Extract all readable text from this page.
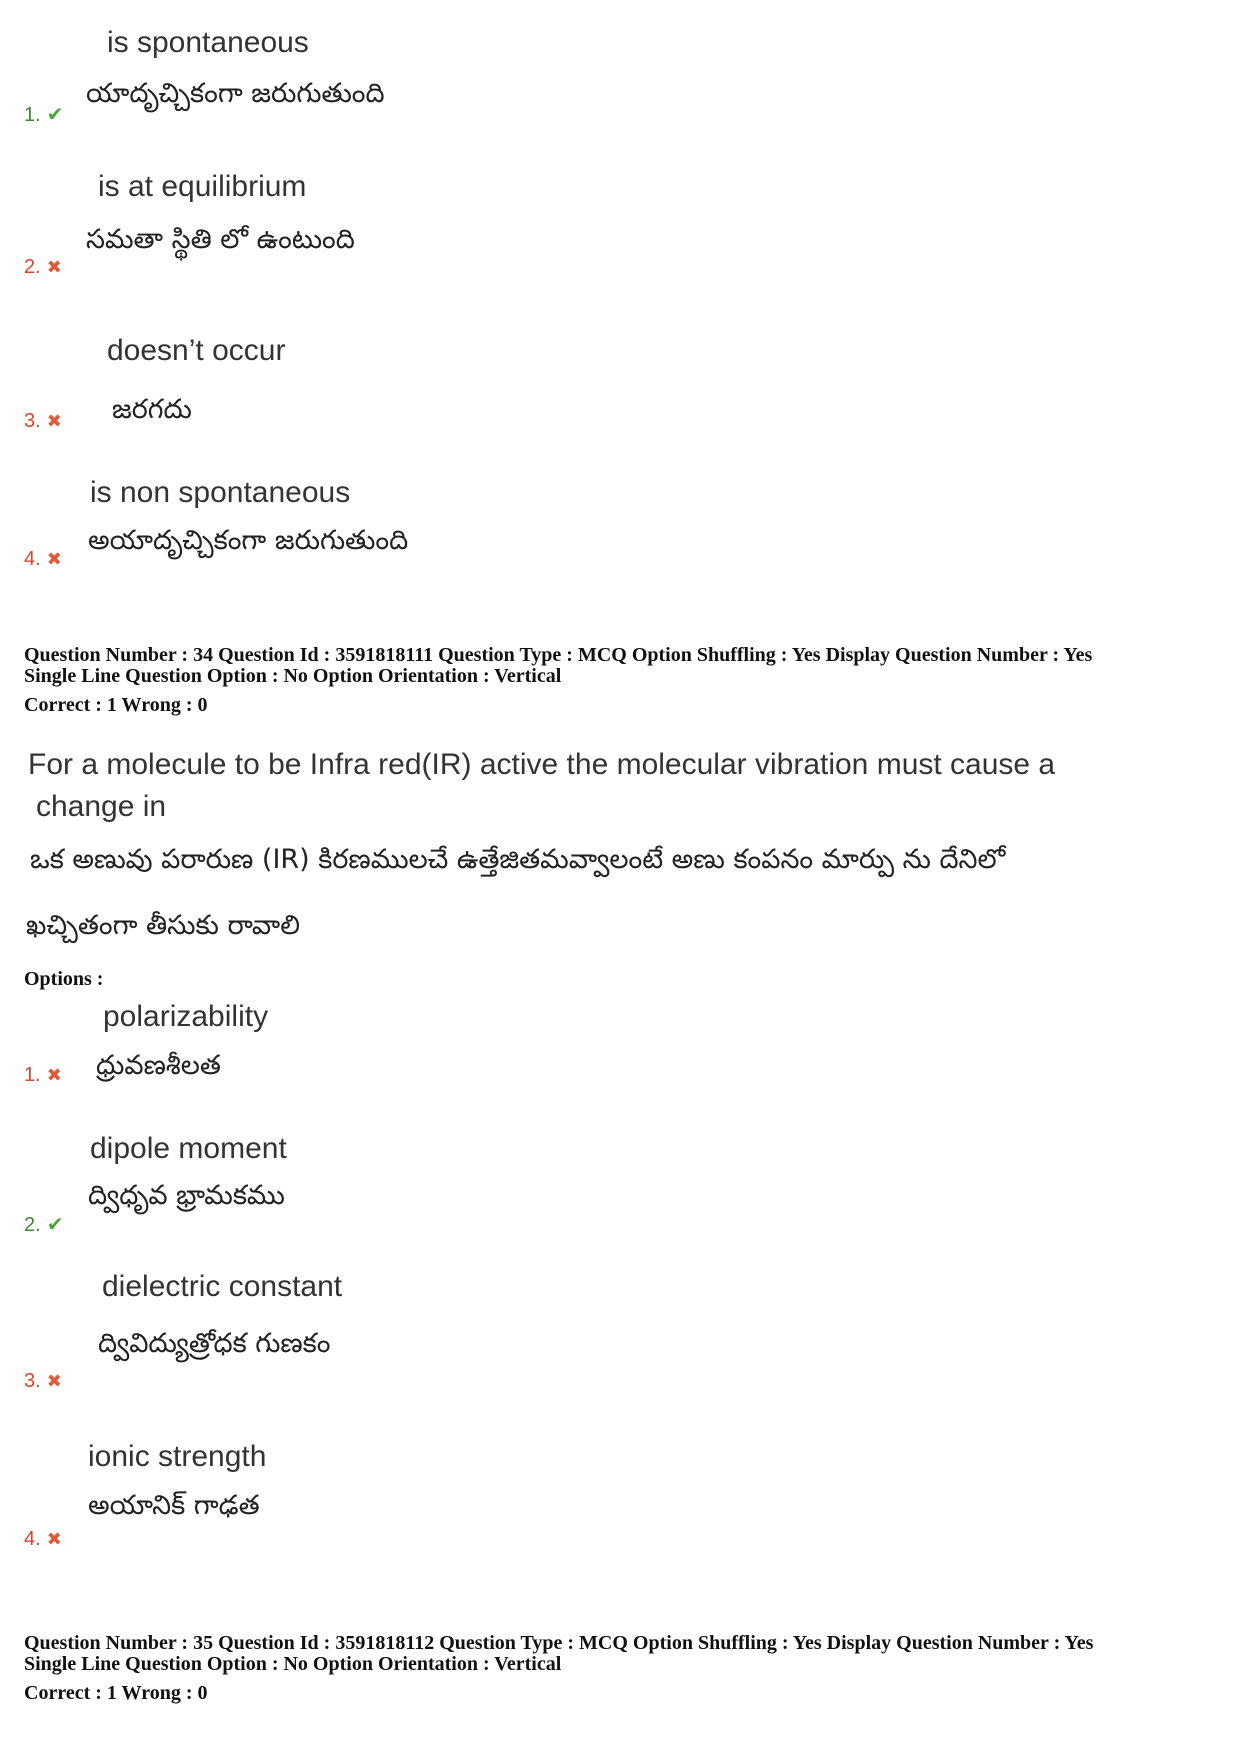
is spontaneous
యాదృచ్చికంగా జరుగుతుంది
1. ✔
is at equilibrium
సమతా స్థితి లో ఉంటుంది
2. ✖
doesn’t occur
జరగదు
3. ✖
is non spontaneous
అయాదృచ్చికంగా జరుగుతుంది
4. ✖
Question Number : 34 Question Id : 3591818111 Question Type : MCQ Option Shuffling : Yes Display Question Number : Yes
Single Line Question Option : No Option Orientation : Vertical
Correct : 1 Wrong : 0
For a molecule to be Infra red(IR) active the molecular vibration must cause a
change in
ఒక అణువు పరారుణ (IR) కిరణములచే ఉత్తేజితమవ్వాలంటే అణు కంపనం మార్పు ను దేనిలో
ఖచ్చితంగా తీసుకు రావాలి
Options :
polarizability
ధ్రువణశీలత
1. ✖
dipole moment
ద్విధృవ భ్రామకము
2. ✔
dielectric constant
ద్వివిద్యుత్రోధక గుణకం
3. ✖
ionic strength
అయానిక్ గాఢత
4. ✖
Question Number : 35 Question Id : 3591818112 Question Type : MCQ Option Shuffling : Yes Display Question Number : Yes
Single Line Question Option : No Option Orientation : Vertical
Correct : 1 Wrong : 0
